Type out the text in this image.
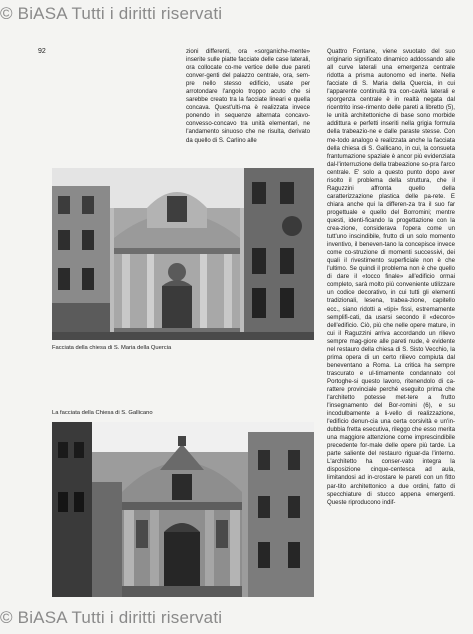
© BiASA Tutti i diritti riservati
92
Facciata della chiesa di S. Maria della Quercia
La facciata della Chiesa di S. Gallicano

zioni differenti, ora «sorganiche-mente» inserite sulle piatte facciate delle case laterali, ora collocate co-me vertice delle due pareti conver-genti del palazzo centrale, ora, sem-pre nello stesso edificio, usate per arrotondare l'angolo troppo acuto che si sarebbe creato tra la facciate lineari e quella concava. Quest'ulti-ma è realizzata invece ponendo in sequenze alternata concavo-convesso-concavo tra unità elementari, ne l'andamento sinuoso che ne risulta, derivato da quello di S. Carlino alle

Quattro Fontane, viene svuotato del suo originario significato dinamico addossando alle all curve laterali una emergenza centrale ridotta a prisma autonomo ed inerte. Nella facciate di S. Maria della Quercia, in cui l'apparente continuità tra con-cavità laterali e sporgenza centrale è in realtà negata dal ricentrito inse-rimento delle pareti a libretto (5), le unità architettoniche di base sono morbide addittura e perfetti inseriti nella grigia formula della trabeazio-ne e dalle paraste stesse. Con me-todo analogo è realizzata anche la facciata della chiesa di S. Gallicano, in cui, la consueta frantumazione spaziale è ancor più evidenziata dal-l'interruzione della trabeazione so-pra l'arco centrale. E' solo a questo punto dopo aver risolto il problema della struttura, che il Raguzzini affronta quello della caratterizzazione plastica delle pa-rete. E chiara anche qui la differen-za tra il suo far progettuale e quello del Borromini; mentre questi, identi-ficando la progettazione con la crea-zione, considerava l'opera come un tutt'uno inscindibile, frutto di un solo momento inventivo, il beneven-tano la concepisce invece come co-struzione di momenti successivi, dei quali il rivestimento superficiale non è che l'ultimo. Se quindi il problema non è che quello di dare il «tocco finale» all'edificio ormai completo, sarà molto più conveniente utilizzare un codice decorativo, in cui tutti gli elementi tradizionali, lesena, trabea-zione, capitello ecc., siano ridotti a «tipi» fissi, estremamente semplifi-cati, da usarsi secondo il «decoro» dell'edificio. Ciò, più che nelle opere mature, in cui il Raguzzini arriva accordando un rilievo sempre mag-giore alle pareti nude, è evidente nel restauro della chiesa di S. Sisto Vecchio, la prima opera di un certo rilievo compiuta dal beneventano a Roma. La critica ha sempre trascurato e ul-timamente condannato col Portoghe-si questo lavoro, ritenendolo di ca-rattere provinciale perché eseguito prima che l'architetto potesse met-tere a frutto l'insegnamento del Bor-romini (6), e su incodulbamente a li-vello di realizzazione, l'edificio denun-cia una certa corsività e un'in-dubbia fretta esecutiva, rileggo che esso merita una maggiore attenzione come imprescindibile precedente for-male delle opere più tarde. La parte saliente del restauro riguar-da l'interno. L'architetto ha conser-vato integra la disposizione cinque-centesca ad aula, limitandosi ad in-crostare le pareti con un fitto par-tito architettonico a due ordini, fatto di specchiature di stucco appena emergenti. Queste riproducono indif-

© BiASA Tutti i diritti riservati
